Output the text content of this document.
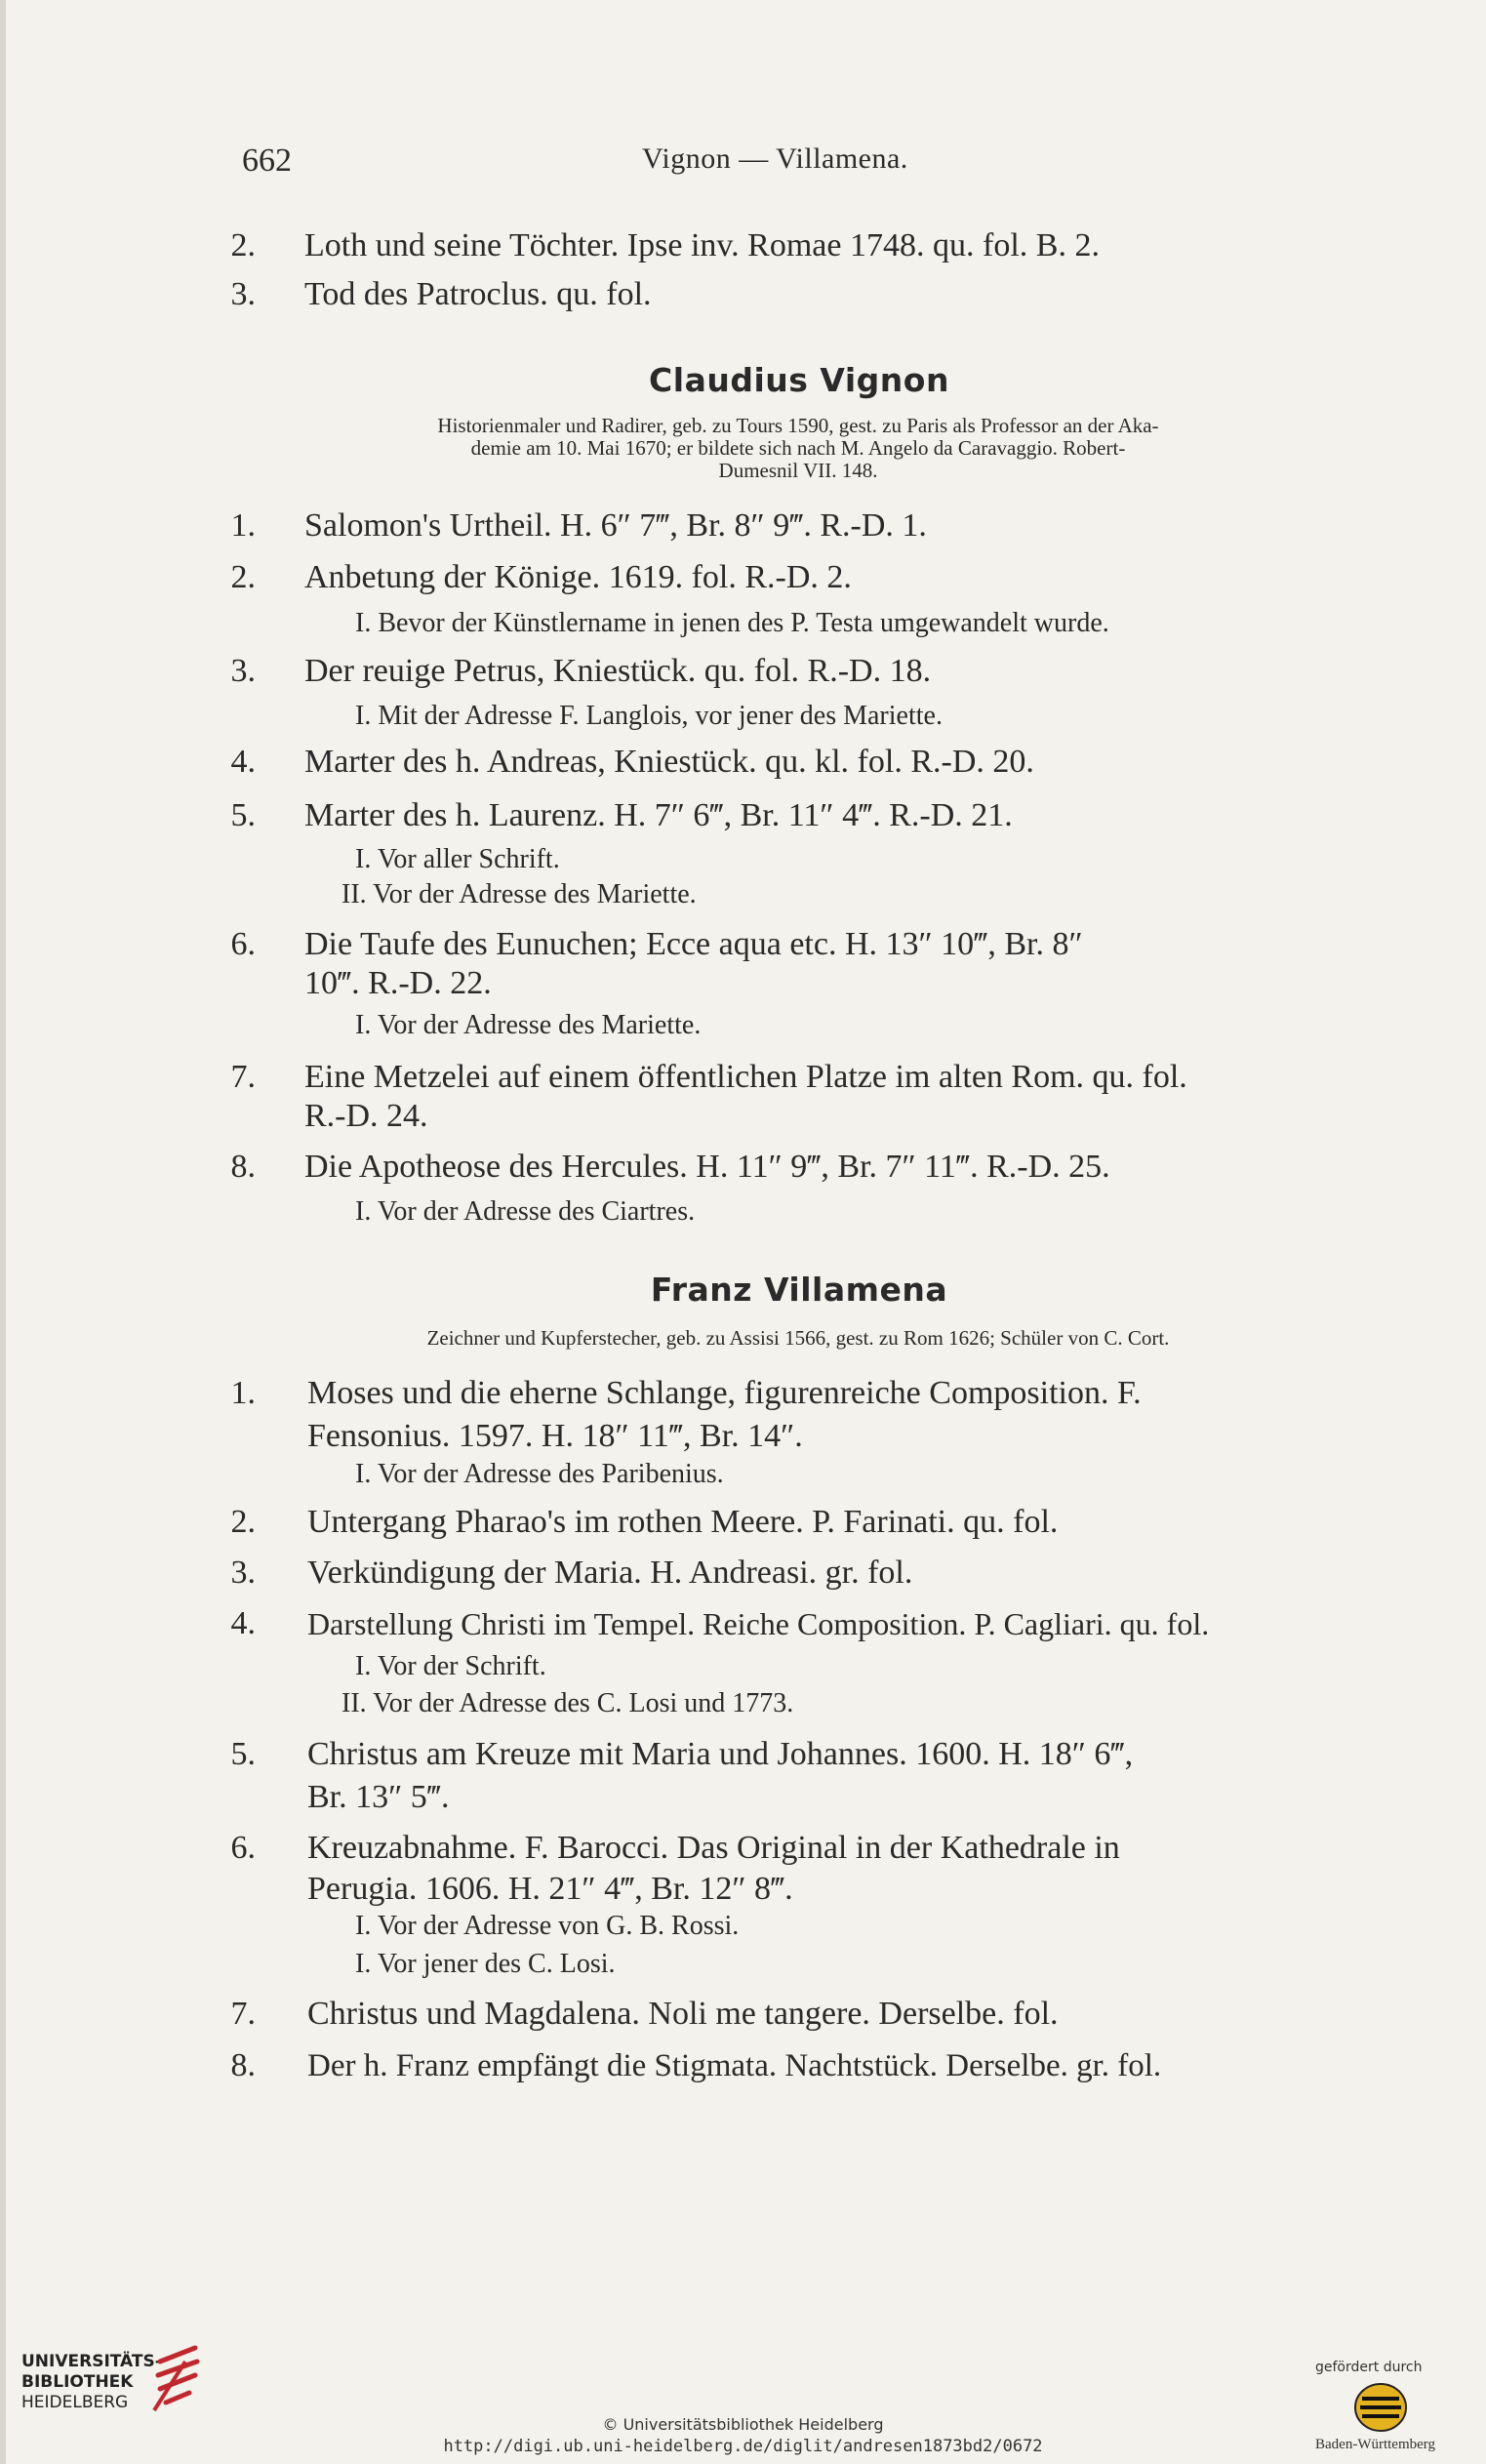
662	Vignon — Villamena.
2. Loth und seine Töchter. Ipse inv. Romae 1748. qu. fol. B. 2.
3. Tod des Patroclus. qu. fol.
Claudius Vignon
Historienmaler und Radirer, geb. zu Tours 1590, gest. zu Paris als Professor an der Aka-
demie am 10. Mai 1670; er bildete sich nach M. Angelo da Caravaggio. Robert-
Dumesnil VII. 148.
1. Salomon's Urtheil. H. 6″ 7‴, Br. 8″ 9‴. R.-D. 1.
2. Anbetung der Könige. 1619. fol. R.-D. 2.
I. Bevor der Künstlername in jenen des P. Testa umgewandelt wurde.
3. Der reuige Petrus, Kniestück. qu. fol. R.-D. 18.
I. Mit der Adresse F. Langlois, vor jener des Mariette.
4. Marter des h. Andreas, Kniestück. qu. kl. fol. R.-D. 20.
5. Marter des h. Laurenz. H. 7″ 6‴, Br. 11″ 4‴. R.-D. 21.
I. Vor aller Schrift.
II. Vor der Adresse des Mariette.
6. Die Taufe des Eunuchen; Ecce aqua etc. H. 13″ 10‴, Br. 8″
10‴. R.-D. 22.
I. Vor der Adresse des Mariette.
7. Eine Metzelei auf einem öffentlichen Platze im alten Rom. qu. fol.
R.-D. 24.
8. Die Apotheose des Hercules. H. 11″ 9‴, Br. 7″ 11‴. R.-D. 25.
I. Vor der Adresse des Ciartres.
Franz Villamena
Zeichner und Kupferstecher, geb. zu Assisi 1566, gest. zu Rom 1626; Schüler von C. Cort.
1. Moses und die eherne Schlange, figurenreiche Composition. F.
Fensonius. 1597. H. 18″ 11‴, Br. 14″.
I. Vor der Adresse des Paribenius.
2. Untergang Pharao's im rothen Meere. P. Farinati. qu. fol.
3. Verkündigung der Maria. H. Andreasi. gr. fol.
4. Darstellung Christi im Tempel. Reiche Composition. P. Cagliari. qu. fol.
I. Vor der Schrift.
II. Vor der Adresse des C. Losi und 1773.
5. Christus am Kreuze mit Maria und Johannes. 1600. H. 18″ 6‴,
Br. 13″ 5‴.
6. Kreuzabnahme. F. Barocci. Das Original in der Kathedrale in
Perugia. 1606. H. 21″ 4‴, Br. 12″ 8‴.
I. Vor der Adresse von G. B. Rossi.
I. Vor jener des C. Losi.
7. Christus und Magdalena. Noli me tangere. Derselbe. fol.
8. Der h. Franz empfängt die Stigmata. Nachtstück. Derselbe. gr. fol.
UNIVERSITÄTS-
BIBLIOTHEK
HEIDELBERG
© Universitätsbibliothek Heidelberg
http://digi.ub.uni-heidelberg.de/diglit/andresen1873bd2/0672
gefördert durch
Baden-Württemberg
